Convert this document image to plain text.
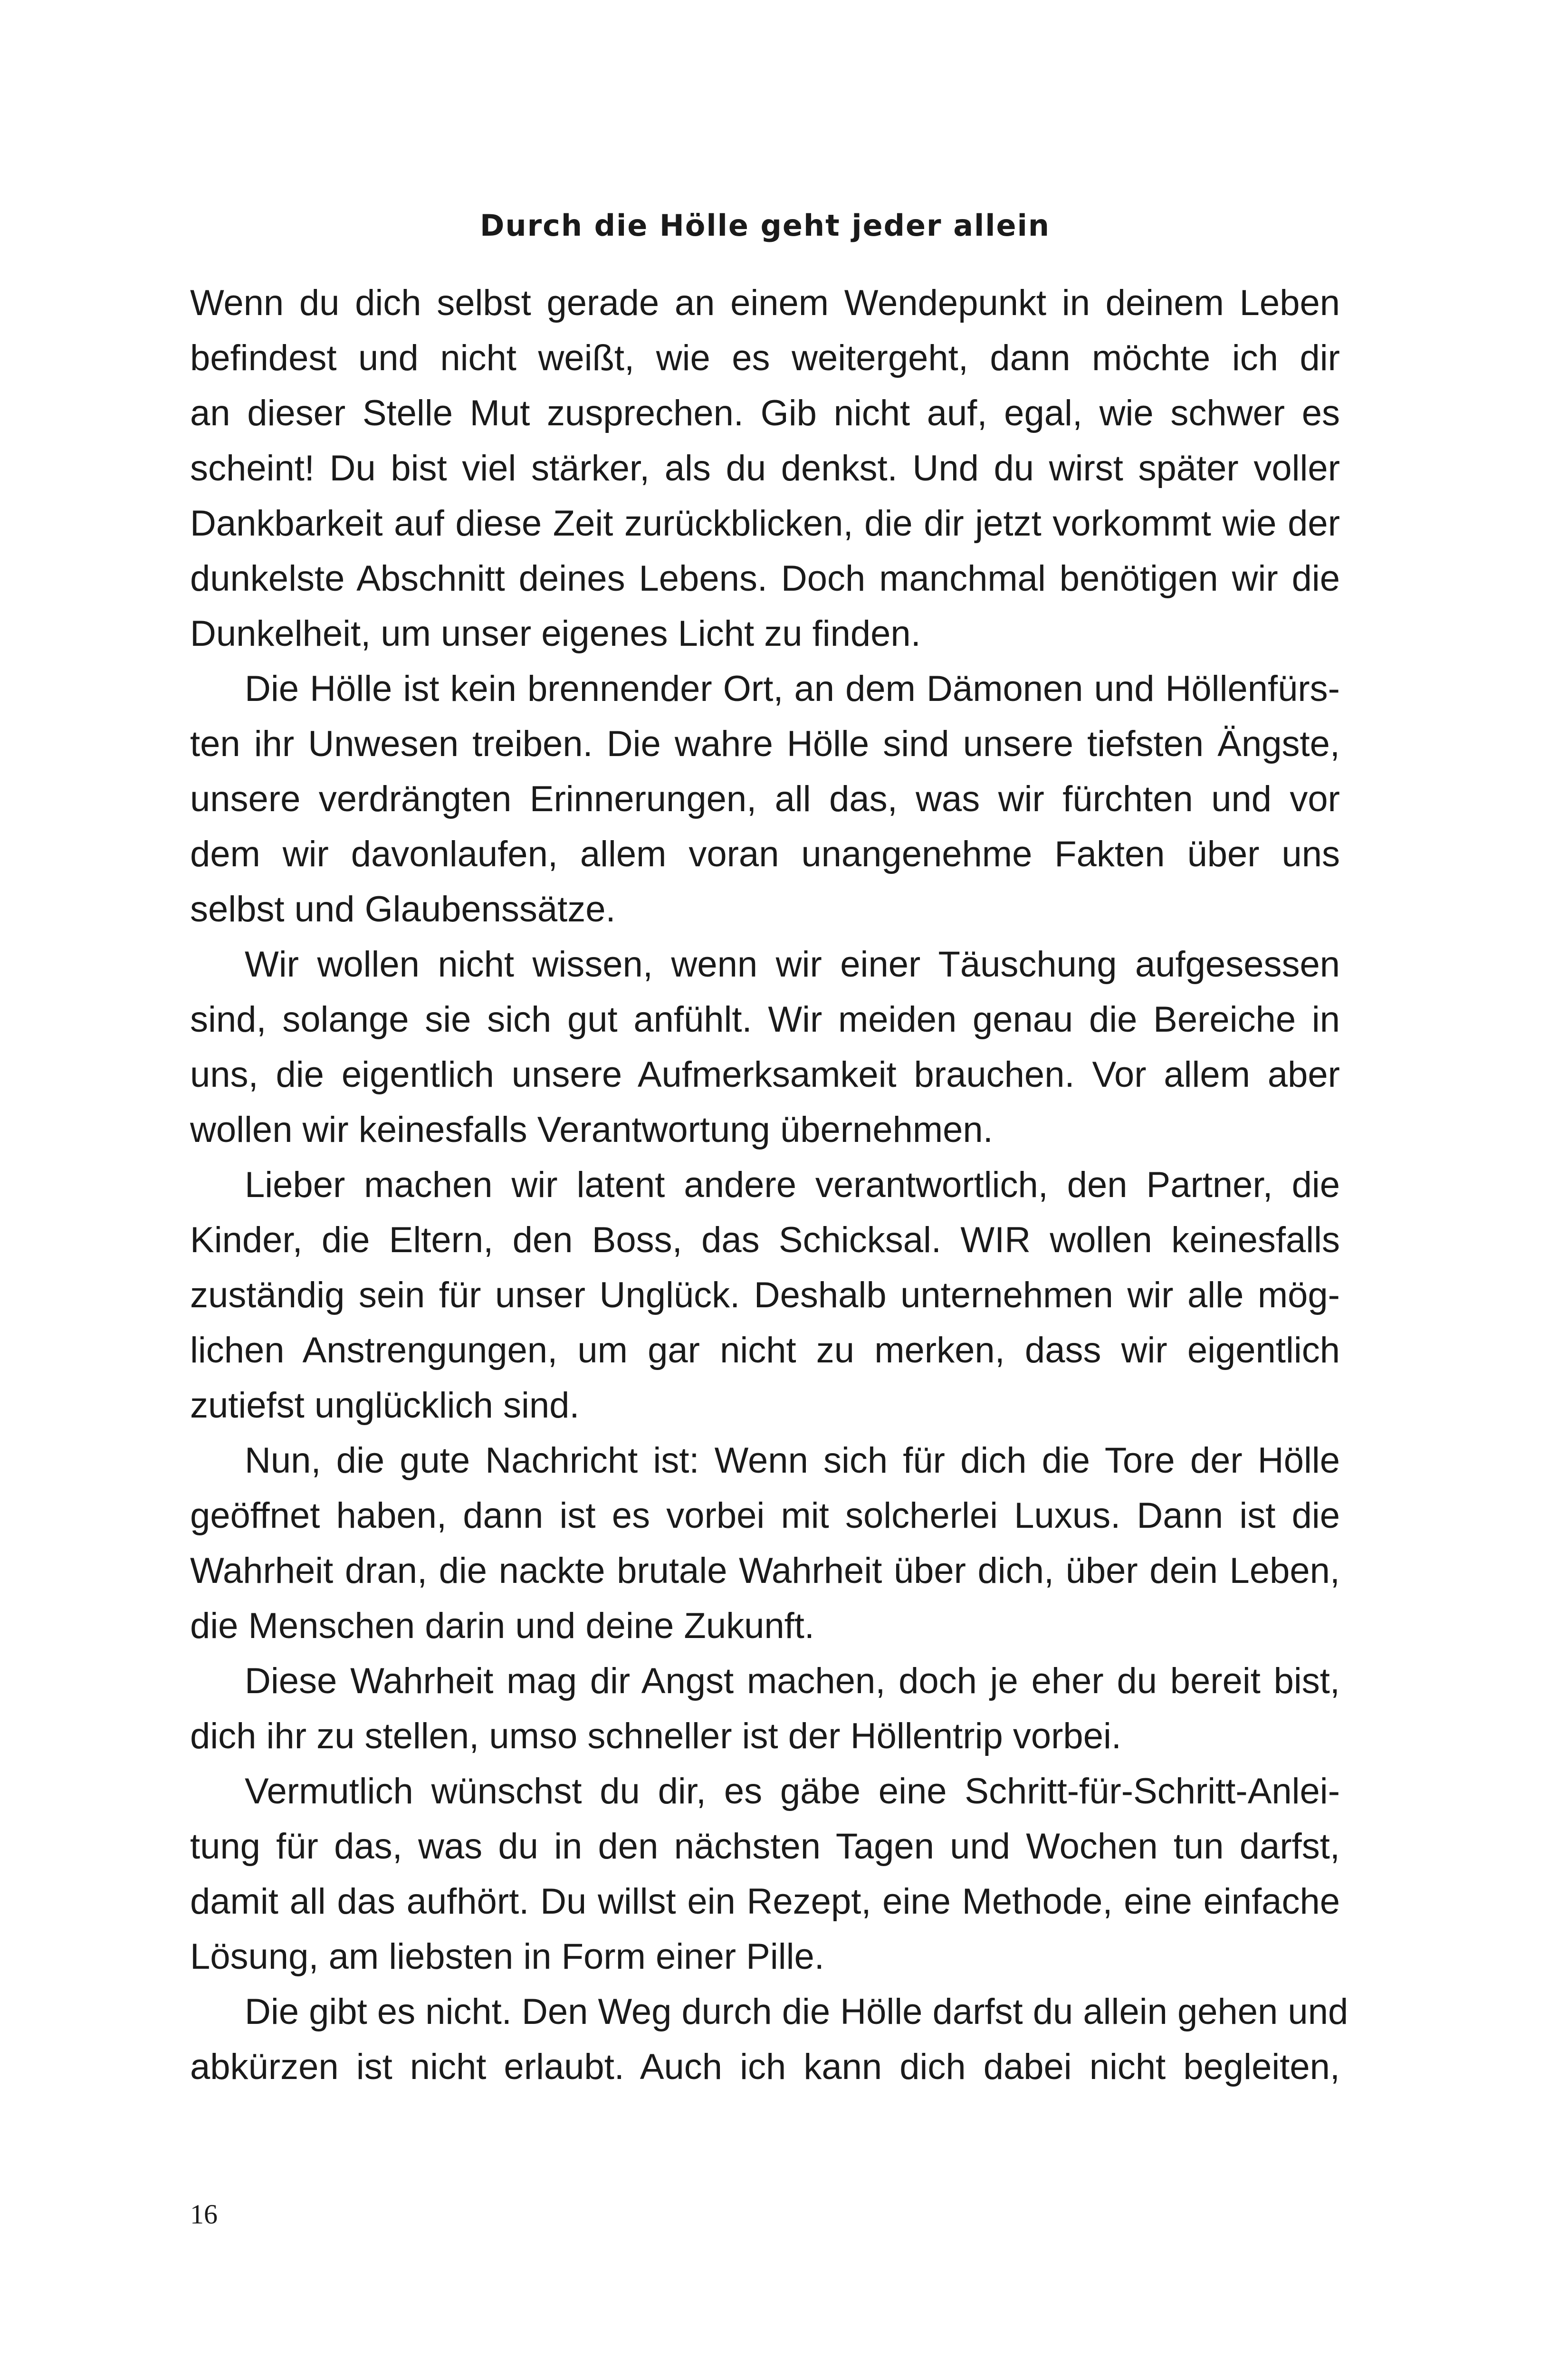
Durch die Hölle geht jeder allein

Wenn du dich selbst gerade an einem Wendepunkt in deinem Leben

befindest und nicht weißt, wie es weitergeht, dann möchte ich dir

an dieser Stelle Mut zusprechen. Gib nicht auf, egal, wie schwer es

scheint! Du bist viel stärker, als du denkst. Und du wirst später voller

Dankbarkeit auf diese Zeit zurückblicken, die dir jetzt vorkommt wie der

dunkelste Abschnitt deines Lebens. Doch manchmal benötigen wir die

Dunkelheit, um unser eigenes Licht zu finden.

Die Hölle ist kein brennender Ort, an dem Dämonen und Höllenfürs-

ten ihr Unwesen treiben. Die wahre Hölle sind unsere tiefsten Ängste,

unsere verdrängten Erinnerungen, all das, was wir fürchten und vor

dem wir davonlaufen, allem voran unangenehme Fakten über uns

selbst und Glaubenssätze.

Wir wollen nicht wissen, wenn wir einer Täuschung aufgesessen

sind, solange sie sich gut anfühlt. Wir meiden genau die Bereiche in

uns, die eigentlich unsere Aufmerksamkeit brauchen. Vor allem aber

wollen wir keinesfalls Verantwortung übernehmen.

Lieber machen wir latent andere verantwortlich, den Partner, die

Kinder, die Eltern, den Boss, das Schicksal. WIR wollen keinesfalls

zuständig sein für unser Unglück. Deshalb unternehmen wir alle mög-

lichen Anstrengungen, um gar nicht zu merken, dass wir eigentlich

zutiefst unglücklich sind.

Nun, die gute Nachricht ist: Wenn sich für dich die Tore der Hölle

geöffnet haben, dann ist es vorbei mit solcherlei Luxus. Dann ist die

Wahrheit dran, die nackte brutale Wahrheit über dich, über dein Leben,

die Menschen darin und deine Zukunft.

Diese Wahrheit mag dir Angst machen, doch je eher du bereit bist,

dich ihr zu stellen, umso schneller ist der Höllentrip vorbei.

Vermutlich wünschst du dir, es gäbe eine Schritt-für-Schritt-Anlei-

tung für das, was du in den nächsten Tagen und Wochen tun darfst,

damit all das aufhört. Du willst ein Rezept, eine Methode, eine einfache

Lösung, am liebsten in Form einer Pille.

Die gibt es nicht. Den Weg durch die Hölle darfst du allein gehen und

abkürzen ist nicht erlaubt. Auch ich kann dich dabei nicht begleiten,

16
